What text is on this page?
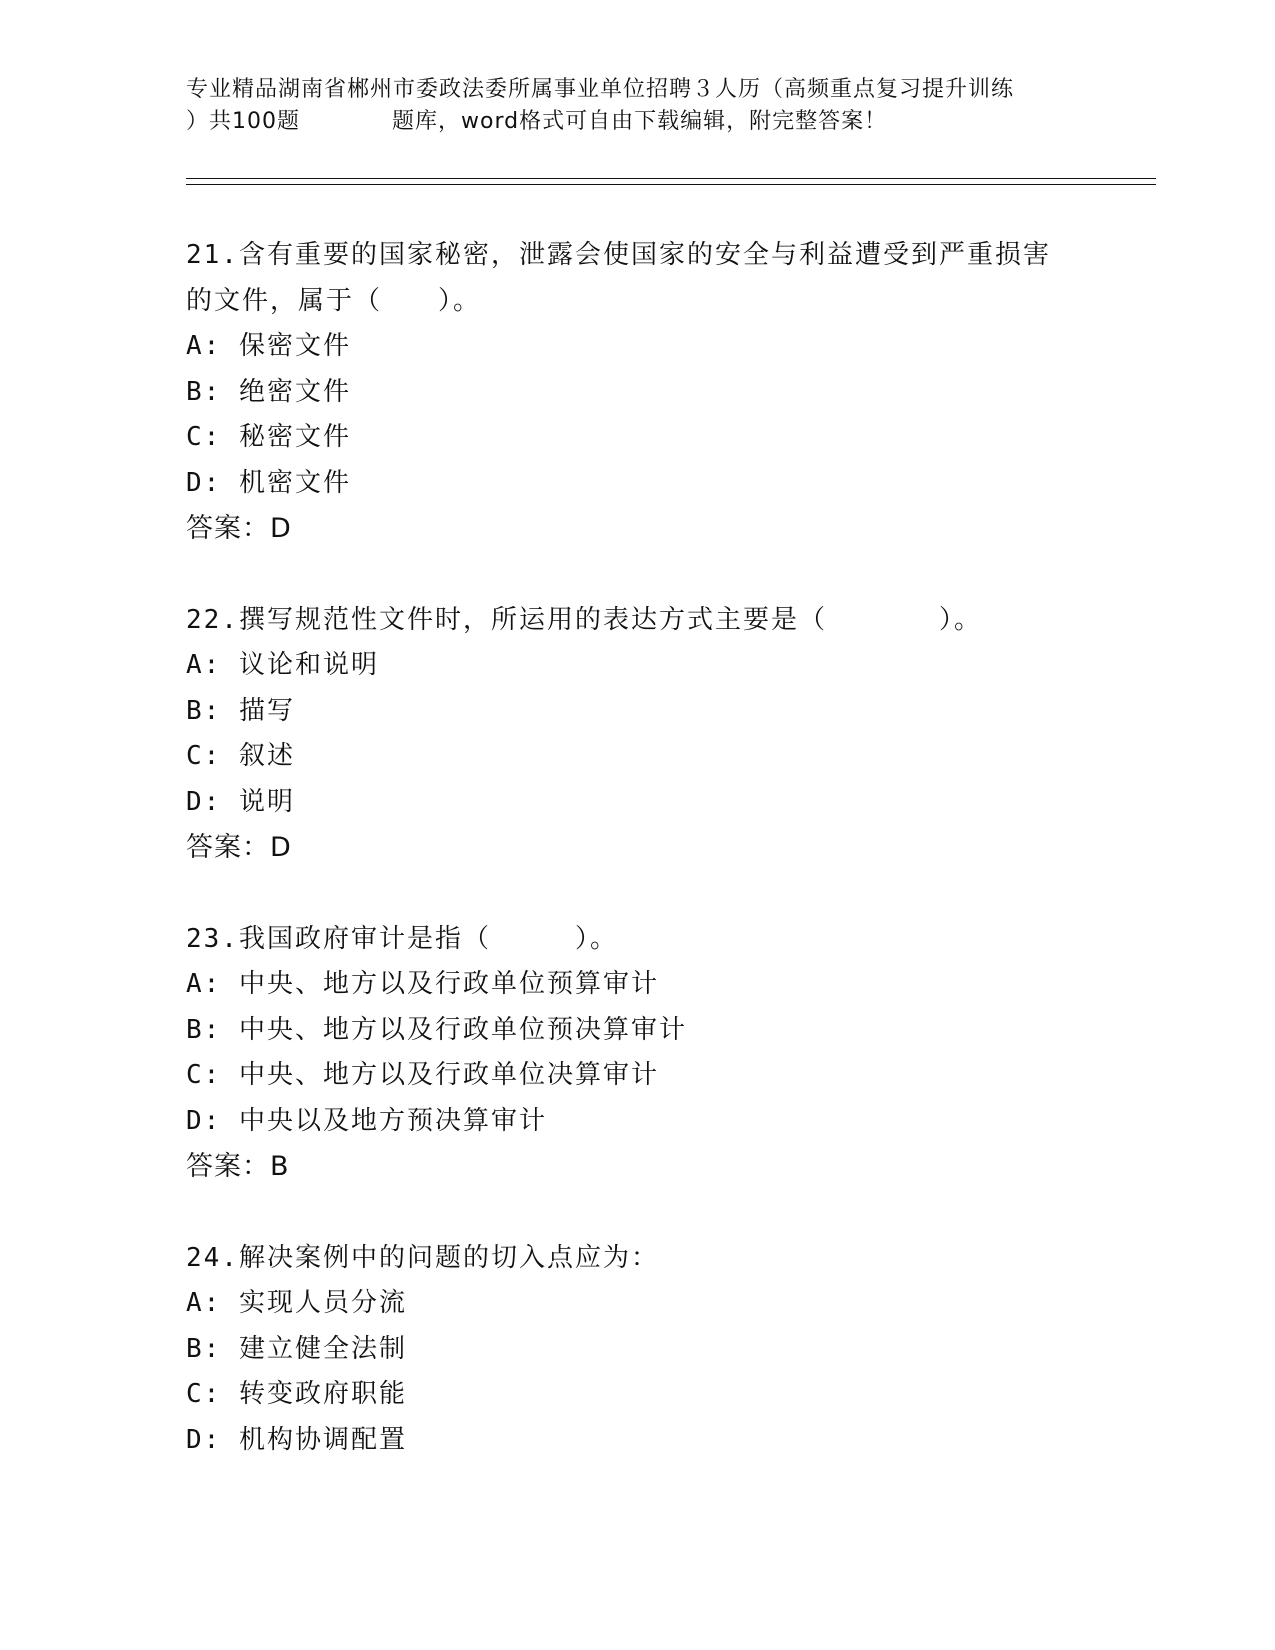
专业精品湖南省郴州市委政法委所属事业单位招聘３人历（高频重点复习提升训练
）共100题　　　　题库，word格式可自由下载编辑，附完整答案！
21.含有重要的国家秘密，泄露会使国家的安全与利益遭受到严重损害
的文件，属于（　　）。
A: 保密文件
B: 绝密文件
C: 秘密文件
D: 机密文件
答案：D
22.撰写规范性文件时，所运用的表达方式主要是（　　　　）。
A: 议论和说明
B: 描写
C: 叙述
D: 说明
答案：D
23.我国政府审计是指（　　　）。
A: 中央、地方以及行政单位预算审计
B: 中央、地方以及行政单位预决算审计
C: 中央、地方以及行政单位决算审计
D: 中央以及地方预决算审计
答案：B
24.解决案例中的问题的切入点应为：
A: 实现人员分流
B: 建立健全法制
C: 转变政府职能
D: 机构协调配置
